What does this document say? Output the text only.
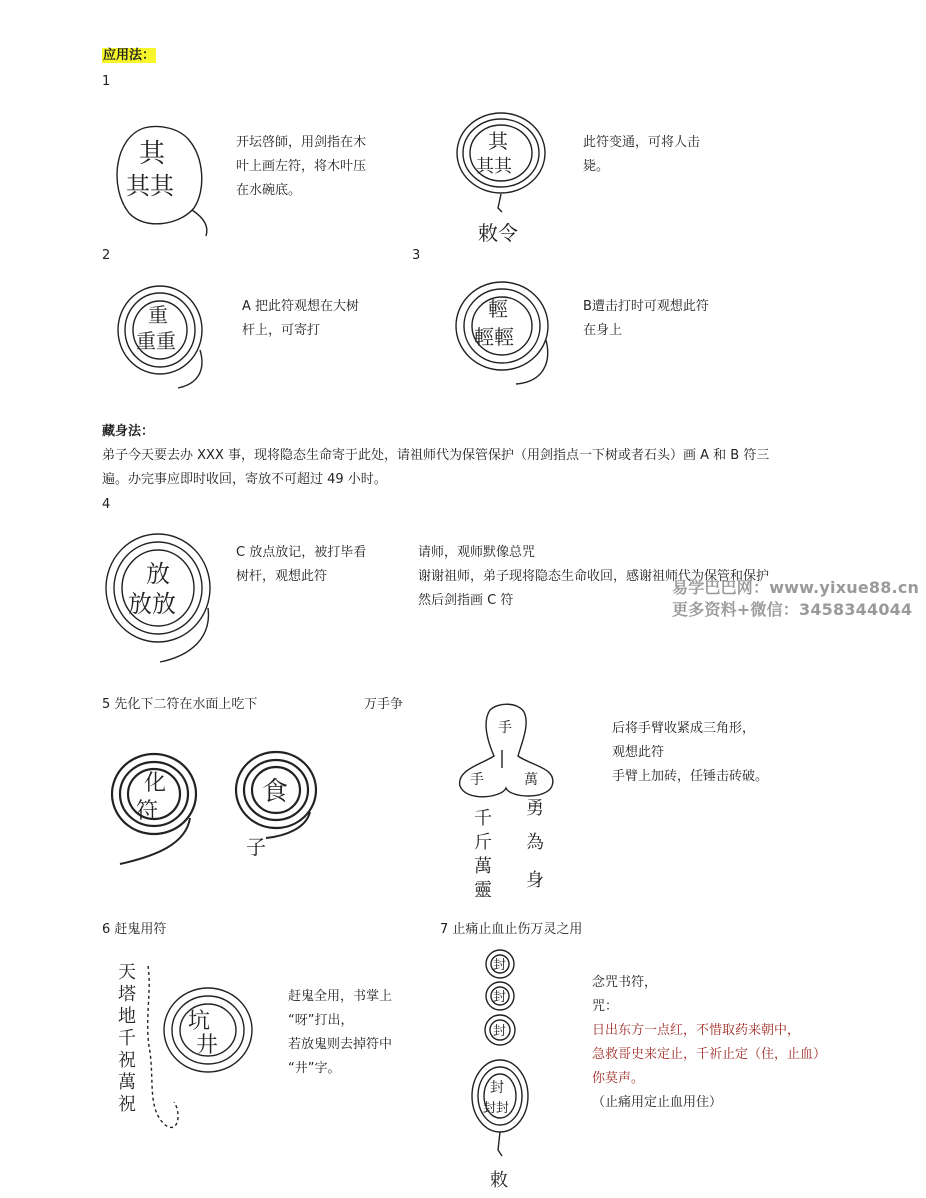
应用法：
1
其
其其
开坛啓師，用剑指在木
叶上画左符，将木叶压
在水碗底。
其
其其
敕令
此符变通，可将人击
毙。
2	3
重
重重
A 把此符观想在大树
杆上，可寄打
輕
輕輕
B遭击打时可观想此符
在身上
藏身法：
弟子今天要去办 XXX 事，现将隐态生命寄于此处，请祖师代为保管保护（用剑指点一下树或者石头）画 A 和 B 符三
遍。办完事应即时收回，寄放不可超过 49 小时。
4
放
放放
C 放点放记，被打毕看
树杆，观想此符
请师，观师默像总咒
谢谢祖师，弟子现将隐态生命收回，感谢祖师代为保管和保护
然后剑指画 C 符
易学巴巴网：www.yixue88.cn
更多资料+微信：3458344044
5 先化下二符在水面上吃下	万手争
化
符
食
子
手
手	萬
千
斤
萬
靈
勇
為
身
后将手臂收紧成三角形，
观想此符
手臂上加砖，任锤击砖破。
6 赶鬼用符
天
塔
地
千
祝
萬
祝
坑
井
赶鬼全用，书掌上
“呀”打出，
若放鬼则去掉符中
“井”字。
7 止痛止血止伤万灵之用
封
封
封
封
封封
敕
念咒书符，
咒：
日出东方一点红，不惜取药来朝中，
急救哥史来定止，千祈止定（住，止血）
你莫声。
（止痛用定止血用住）
